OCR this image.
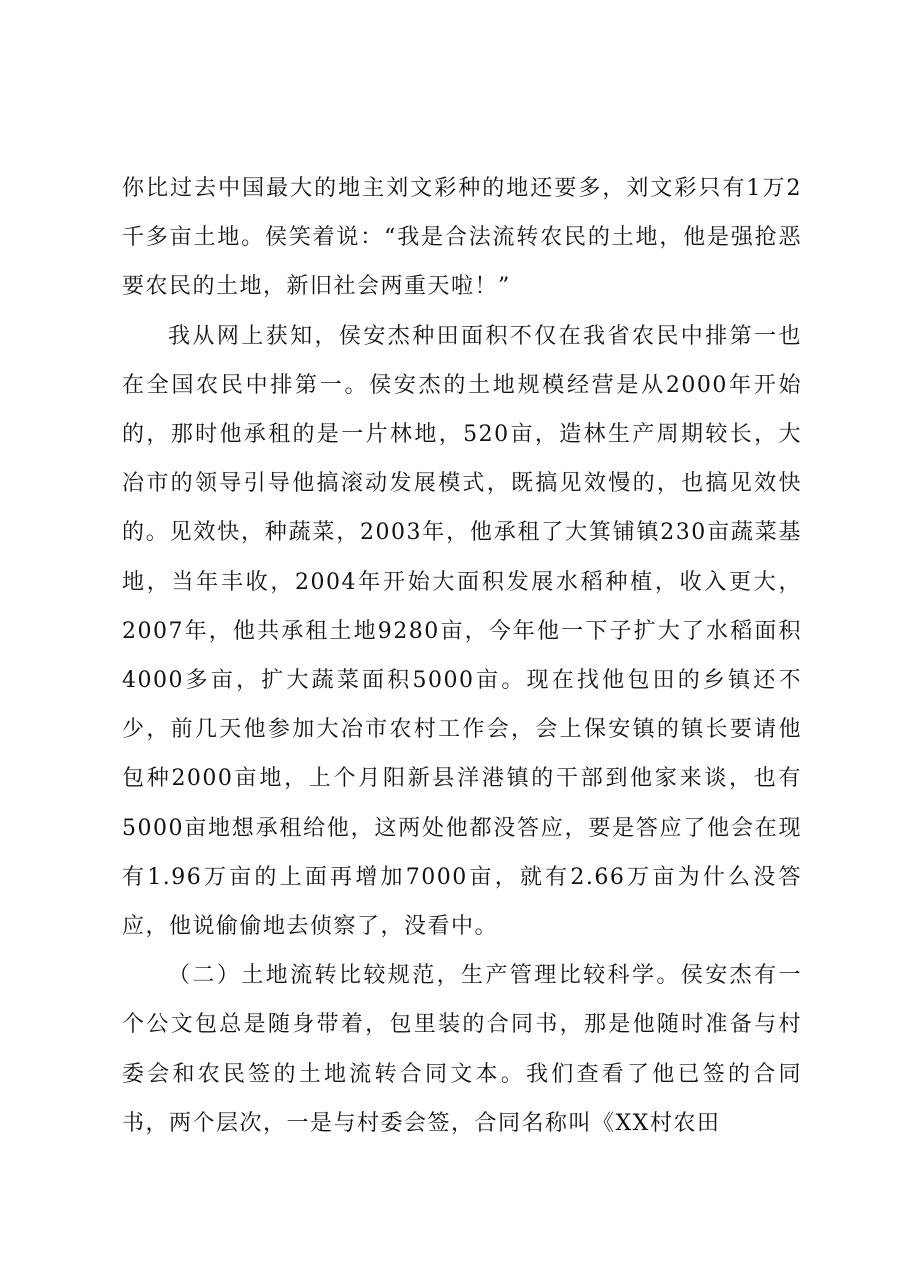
你比过去中国最大的地主刘文彩种的地还要多，刘文彩只有1万2千多亩土地。侯笑着说：“我是合法流转农民的土地，他是强抢恶要农民的土地，新旧社会两重天啦！”

我从网上获知，侯安杰种田面积不仅在我省农民中排第一也在全国农民中排第一。侯安杰的土地规模经营是从2000年开始的，那时他承租的是一片林地，520亩，造林生产周期较长，大冶市的领导引导他搞滚动发展模式，既搞见效慢的，也搞见效快的。见效快，种蔬菜，2003年，他承租了大箕铺镇230亩蔬菜基地，当年丰收，2004年开始大面积发展水稻种植，收入更大，2007年，他共承租土地9280亩，今年他一下子扩大了水稻面积4000多亩，扩大蔬菜面积5000亩。现在找他包田的乡镇还不少，前几天他参加大冶市农村工作会，会上保安镇的镇长要请他包种2000亩地，上个月阳新县洋港镇的干部到他家来谈，也有5000亩地想承租给他，这两处他都没答应，要是答应了他会在现有1.96万亩的上面再增加7000亩，就有2.66万亩为什么没答应，他说偷偷地去侦察了，没看中。

（二）土地流转比较规范，生产管理比较科学。侯安杰有一个公文包总是随身带着，包里装的合同书，那是他随时准备与村委会和农民签的土地流转合同文本。我们查看了他已签的合同书，两个层次，一是与村委会签，合同名称叫《XX村农田
